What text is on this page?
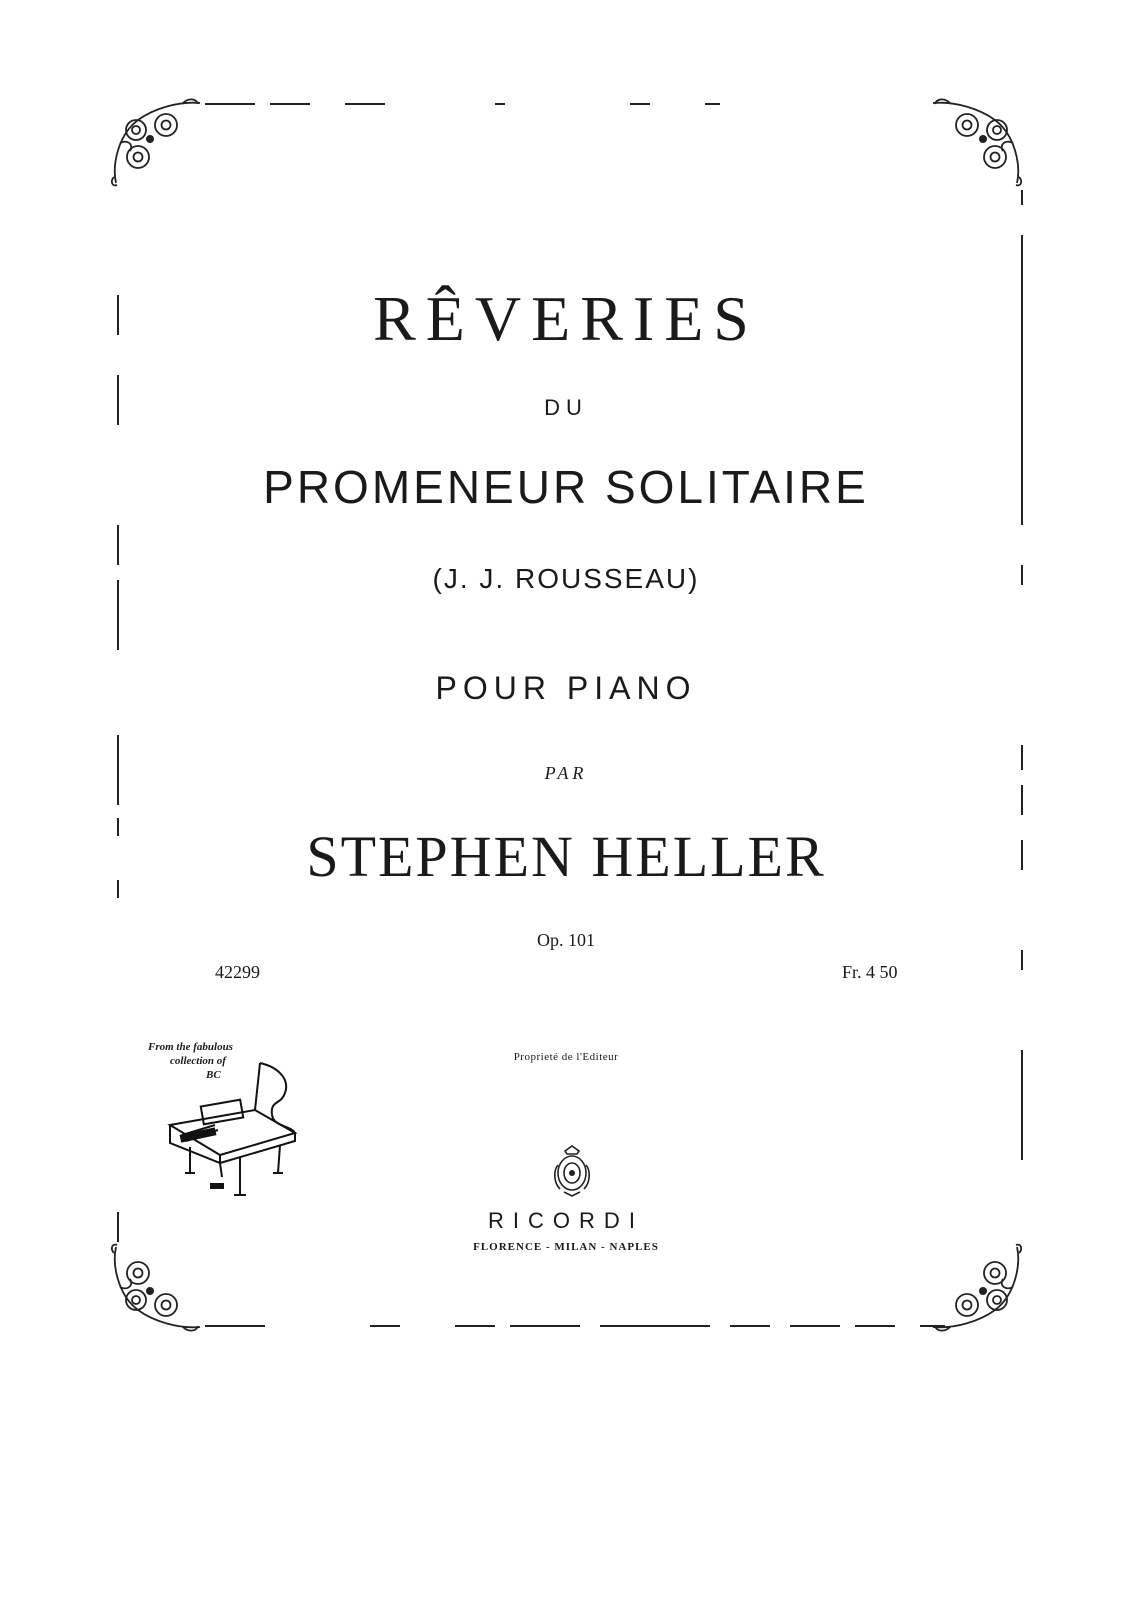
RÊVERIES
DU
PROMENEUR SOLITAIRE
(J. J. ROUSSEAU)
POUR PIANO
PAR
STEPHEN HELLER
Op. 101
42299	Fr. 4 50
Proprieté de l'Editeur
From the fabulous
collection of
BC
RICORDI
FLORENCE - MILAN - NAPLES
